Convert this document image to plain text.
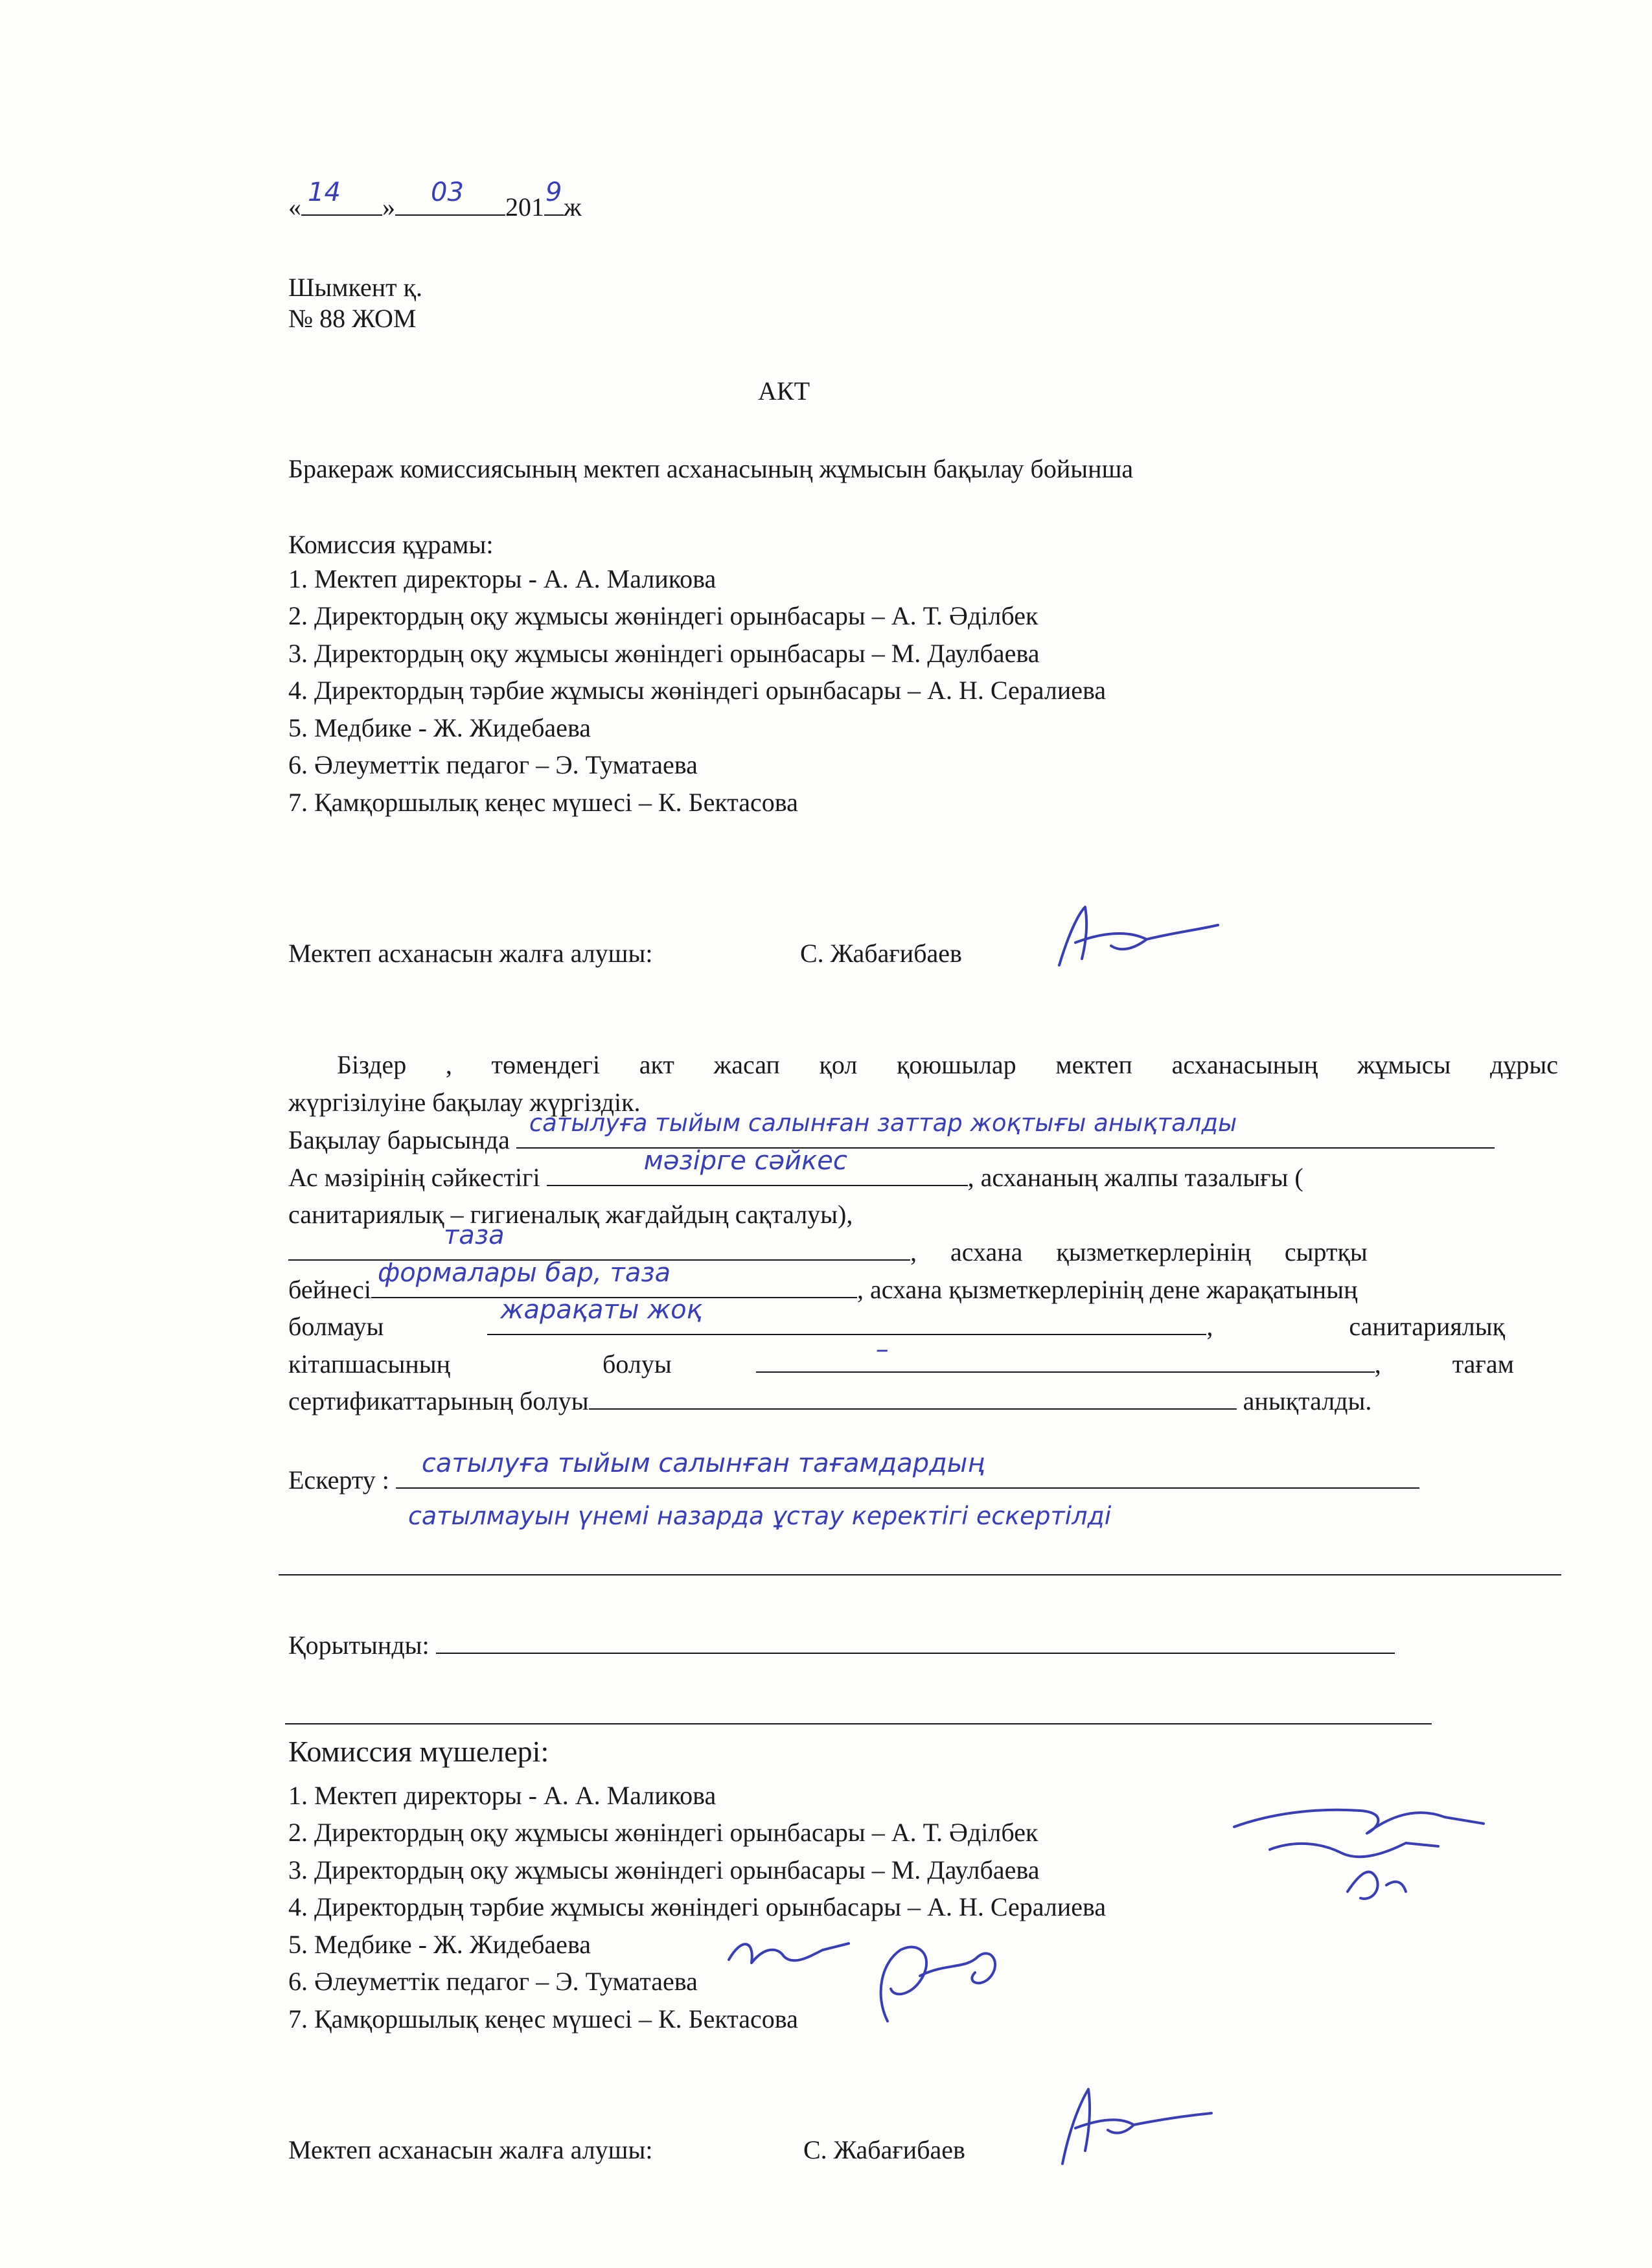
« 14 » 03 201 9 ж
Шымкент қ.
№ 88 ЖОМ
АКТ
Бракераж комиссиясының мектеп асханасының жұмысын бақылау бойынша
Комиссия құрамы:
1. Мектеп директоры - А. А. Маликова
2. Директордың оқу жұмысы жөніндегі орынбасары – А. Т. Әділбек
3. Директордың оқу жұмысы жөніндегі орынбасары – М. Даулбаева
4. Директордың тәрбие жұмысы жөніндегі орынбасары – А. Н. Сералиева
5. Медбике - Ж. Жидебаева
6. Әлеуметтік педагог – Э. Туматаева
7. Қамқоршылық кеңес мүшесі – К. Бектасова
Мектеп асханасын жалға алушы:	С. Жабағибаев
Біздер , төмендегі акт жасап қол қоюшылар мектеп асханасының жұмысы дұрыс
жүргізілуіне бақылау жүргіздік.
Бақылау барысында
сатылуға тыйым салынған заттар жоқтығы анықталды
Ас мәзірінің сәйкестігі
мәзірге сәйкес
, асхананың жалпы тазалығы (
санитариялық – гигиеналық жағдайдың сақталуы),
таза
, асхана қызметкерлерінің сыртқы
бейнесі
формалары бар, таза
, асхана қызметкерлерінің дене жарақатының
болмауы
жарақаты жоқ
, санитариялық
кітапшасының	болуы	–	, тағам
сертификаттарының болуы	анықталды.
Ескерту :
сатылуға тыйым салынған тағамдардың
сатылмауын үнемі назарда ұстау керектігі ескертілді
Қорытынды:
Комиссия мүшелері:
1. Мектеп директоры - А. А. Маликова
2. Директордың оқу жұмысы жөніндегі орынбасары – А. Т. Әділбек
3. Директордың оқу жұмысы жөніндегі орынбасары – М. Даулбаева
4. Директордың тәрбие жұмысы жөніндегі орынбасары – А. Н. Сералиева
5. Медбике - Ж. Жидебаева
6. Әлеуметтік педагог – Э. Туматаева
7. Қамқоршылық кеңес мүшесі – К. Бектасова
Мектеп асханасын жалға алушы:	С. Жабағибаев
